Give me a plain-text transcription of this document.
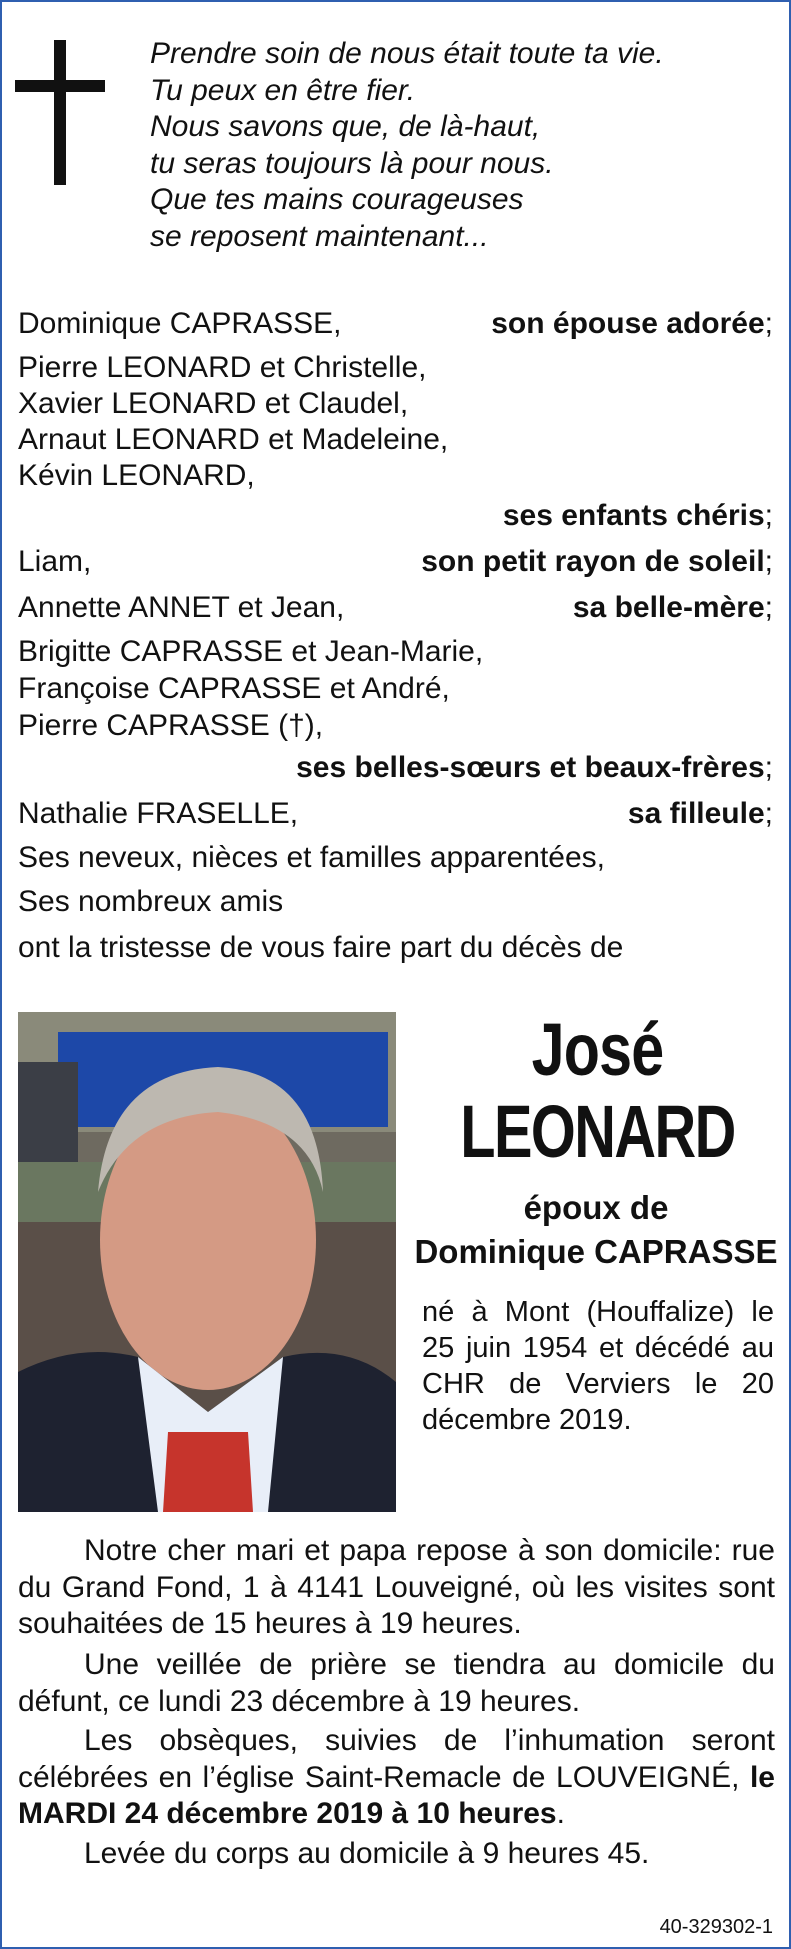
Prendre soin de nous était toute ta vie.
Tu peux en être fier.
Nous savons que, de là-haut,
tu seras toujours là pour nous.
Que tes mains courageuses
se reposent maintenant...
Dominique CAPRASSE,	son épouse adorée;
Pierre LEONARD et Christelle,
Xavier LEONARD et Claudel,
Arnaut LEONARD et Madeleine,
Kévin LEONARD,
ses enfants chéris;
Liam,	son petit rayon de soleil;
Annette ANNET et Jean,	sa belle-mère;
Brigitte CAPRASSE et Jean-Marie,
Françoise CAPRASSE et André,
Pierre CAPRASSE (†),
ses belles-sœurs et beaux-frères;
Nathalie FRASELLE,	sa filleule;
Ses neveux, nièces et familles apparentées,
Ses nombreux amis
ont la tristesse de vous faire part du décès de
José
LEONARD
époux de
Dominique CAPRASSE
né à Mont (Houffalize) le 25 juin 1954 et décédé au CHR de Verviers le 20 décembre 2019.
Notre cher mari et papa repose à son domicile: rue du Grand Fond, 1 à 4141 Louveigné, où les visites sont souhaitées de 15 heures à 19 heures.
Une veillée de prière se tiendra au domicile du défunt, ce lundi 23 décembre à 19 heures.
Les obsèques, suivies de l’inhumation seront célébrées en l’église Saint-Remacle de LOUVEIGNÉ, le MARDI 24 décembre 2019 à 10 heures.
Levée du corps au domicile à 9 heures 45.
40-329302-1
